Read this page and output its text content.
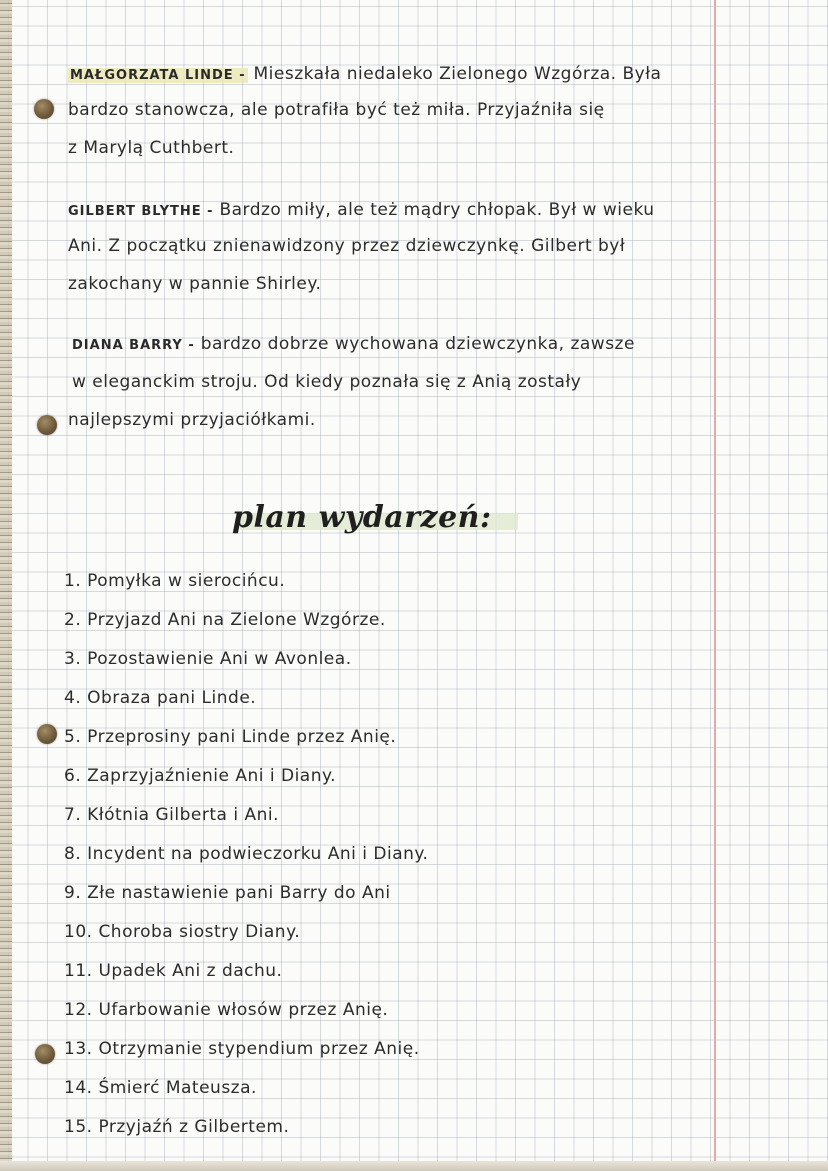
MAŁGORZATA LINDE - Mieszkała niedaleko Zielonego Wzgórza. Była
bardzo stanowcza, ale potrafiła być też miła. Przyjaźniła się
z Marylą Cuthbert.
GILBERT BLYTHE - Bardzo miły, ale też mądry chłopak. Był w wieku
Ani. Z początku znienawidzony przez dziewczynkę. Gilbert był
zakochany w pannie Shirley.
DIANA BARRY - bardzo dobrze wychowana dziewczynka, zawsze
w eleganckim stroju. Od kiedy poznała się z Anią zostały
najlepszymi przyjaciółkami.
plan wydarzeń:
1. Pomyłka w sierocińcu.
2. Przyjazd Ani na Zielone Wzgórze.
3. Pozostawienie Ani w Avonlea.
4. Obraza pani Linde.
5. Przeprosiny pani Linde przez Anię.
6. Zaprzyjaźnienie Ani i Diany.
7. Kłótnia Gilberta i Ani.
8. Incydent na podwieczorku Ani i Diany.
9. Złe nastawienie pani Barry do Ani
10. Choroba siostry Diany.
11. Upadek Ani z dachu.
12. Ufarbowanie włosów przez Anię.
13. Otrzymanie stypendium przez Anię.
14. Śmierć Mateusza.
15. Przyjaźń z Gilbertem.
